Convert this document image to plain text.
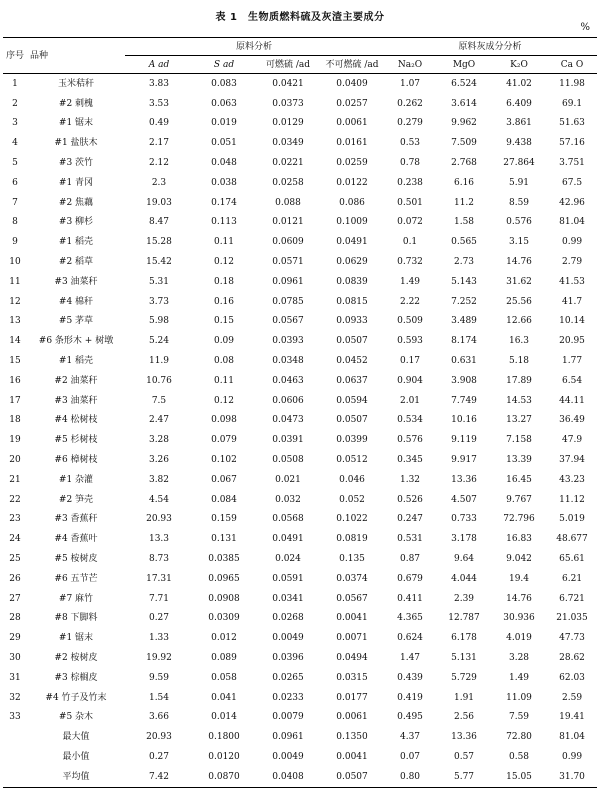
表 1　生物质燃料硫及灰渣主要成分
%
序号	品种	原料分析				原料灰成分分析			
		A ad	S ad	可燃硫 /ad	不可燃硫 /ad	Na₂O	MgO	K₂O	Ca O
1	玉米秸秆	3.83	0.083	0.0421	0.0409	1.07	6.524	41.02	11.98
2	#2 刺槐	3.53	0.063	0.0373	0.0257	0.262	3.614	6.409	69.1
3	#1 锯末	0.49	0.019	0.0129	0.0061	0.279	9.962	3.861	51.63
4	#1 盐肤木	2.17	0.051	0.0349	0.0161	0.53	7.509	9.438	57.16
5	#3 茨竹	2.12	0.048	0.0221	0.0259	0.78	2.768	27.864	3.751
6	#1 青冈	2.3	0.038	0.0258	0.0122	0.238	6.16	5.91	67.5
7	#2 焦藕	19.03	0.174	0.088	0.086	0.501	11.2	8.59	42.96
8	#3 柳杉	8.47	0.113	0.0121	0.1009	0.072	1.58	0.576	81.04
9	#1 稻壳	15.28	0.11	0.0609	0.0491	0.1	0.565	3.15	0.99
10	#2 稻草	15.42	0.12	0.0571	0.0629	0.732	2.73	14.76	2.79
11	#3 油菜秆	5.31	0.18	0.0961	0.0839	1.49	5.143	31.62	41.53
12	#4 棉秆	3.73	0.16	0.0785	0.0815	2.22	7.252	25.56	41.7
13	#5 茅草	5.98	0.15	0.0567	0.0933	0.509	3.489	12.66	10.14
14	#6 条形木 + 树墩	5.24	0.09	0.0393	0.0507	0.593	8.174	16.3	20.95
15	#1 稻壳	11.9	0.08	0.0348	0.0452	0.17	0.631	5.18	1.77
16	#2 油菜秆	10.76	0.11	0.0463	0.0637	0.904	3.908	17.89	6.54
17	#3 油菜秆	7.5	0.12	0.0606	0.0594	2.01	7.749	14.53	44.11
18	#4 松树枝	2.47	0.098	0.0473	0.0507	0.534	10.16	13.27	36.49
19	#5 杉树枝	3.28	0.079	0.0391	0.0399	0.576	9.119	7.158	47.9
20	#6 樟树枝	3.26	0.102	0.0508	0.0512	0.345	9.917	13.39	37.94
21	#1 杂灌	3.82	0.067	0.021	0.046	1.32	13.36	16.45	43.23
22	#2 笋壳	4.54	0.084	0.032	0.052	0.526	4.507	9.767	11.12
23	#3 香蕉秆	20.93	0.159	0.0568	0.1022	0.247	0.733	72.796	5.019
24	#4 香蕉叶	13.3	0.131	0.0491	0.0819	0.531	3.178	16.83	48.677
25	#5 桉树皮	8.73	0.0385	0.024	0.135	0.87	9.64	9.042	65.61
26	#6 五节芒	17.31	0.0965	0.0591	0.0374	0.679	4.044	19.4	6.21
27	#7 麻竹	7.71	0.0908	0.0341	0.0567	0.411	2.39	14.76	6.721
28	#8 下脚料	0.27	0.0309	0.0268	0.0041	4.365	12.787	30.936	21.035
29	#1 锯末	1.33	0.012	0.0049	0.0071	0.624	6.178	4.019	47.73
30	#2 桉树皮	19.92	0.089	0.0396	0.0494	1.47	5.131	3.28	28.62
31	#3 棕榈皮	9.59	0.058	0.0265	0.0315	0.439	5.729	1.49	62.03
32	#4 竹子及竹末	1.54	0.041	0.0233	0.0177	0.419	1.91	11.09	2.59
33	#5 杂木	3.66	0.014	0.0079	0.0061	0.495	2.56	7.59	19.41
	最大值	20.93	0.1800	0.0961	0.1350	4.37	13.36	72.80	81.04
	最小值	0.27	0.0120	0.0049	0.0041	0.07	0.57	0.58	0.99
	平均值	7.42	0.0870	0.0408	0.0507	0.80	5.77	15.05	31.70
